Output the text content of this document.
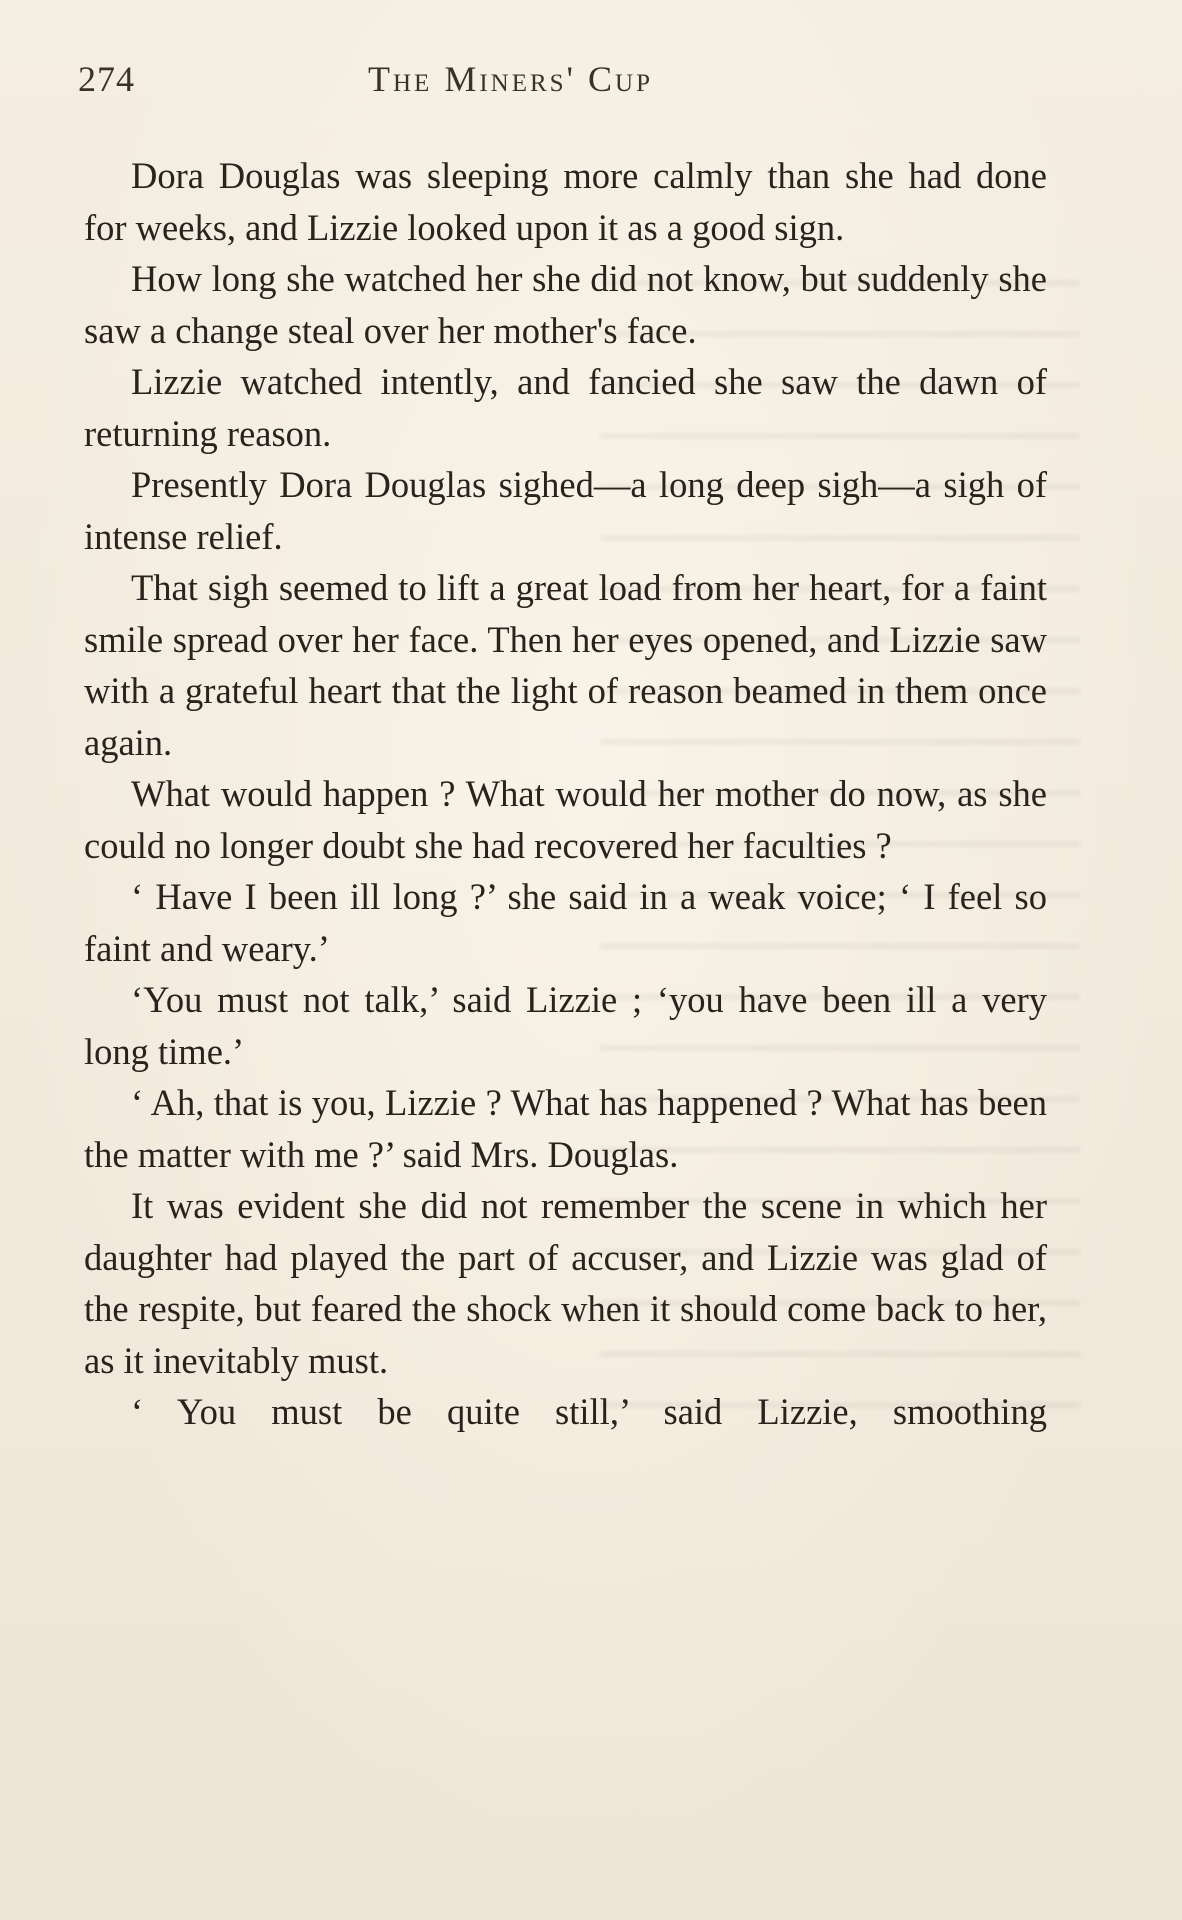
274	The Miners' Cup

Dora Douglas was sleeping more calmly than she had done for weeks, and Lizzie looked upon it as a good sign.

How long she watched her she did not know, but suddenly she saw a change steal over her mother's face.

Lizzie watched intently, and fancied she saw the dawn of returning reason.

Presently Dora Douglas sighed—a long deep sigh—a sigh of intense relief.

That sigh seemed to lift a great load from her heart, for a faint smile spread over her face. Then her eyes opened, and Lizzie saw with a grateful heart that the light of reason beamed in them once again.

What would happen ? What would her mother do now, as she could no longer doubt she had recovered her faculties ?

‘ Have I been ill long ?’ she said in a weak voice; ‘ I feel so faint and weary.’

‘You must not talk,’ said Lizzie ; ‘you have been ill a very long time.’

‘ Ah, that is you, Lizzie ? What has happened ? What has been the matter with me ?’ said Mrs. Douglas.

It was evident she did not remember the scene in which her daughter had played the part of accuser, and Lizzie was glad of the respite, but feared the shock when it should come back to her, as it inevitably must.

‘ You must be quite still,’ said Lizzie, smoothing
